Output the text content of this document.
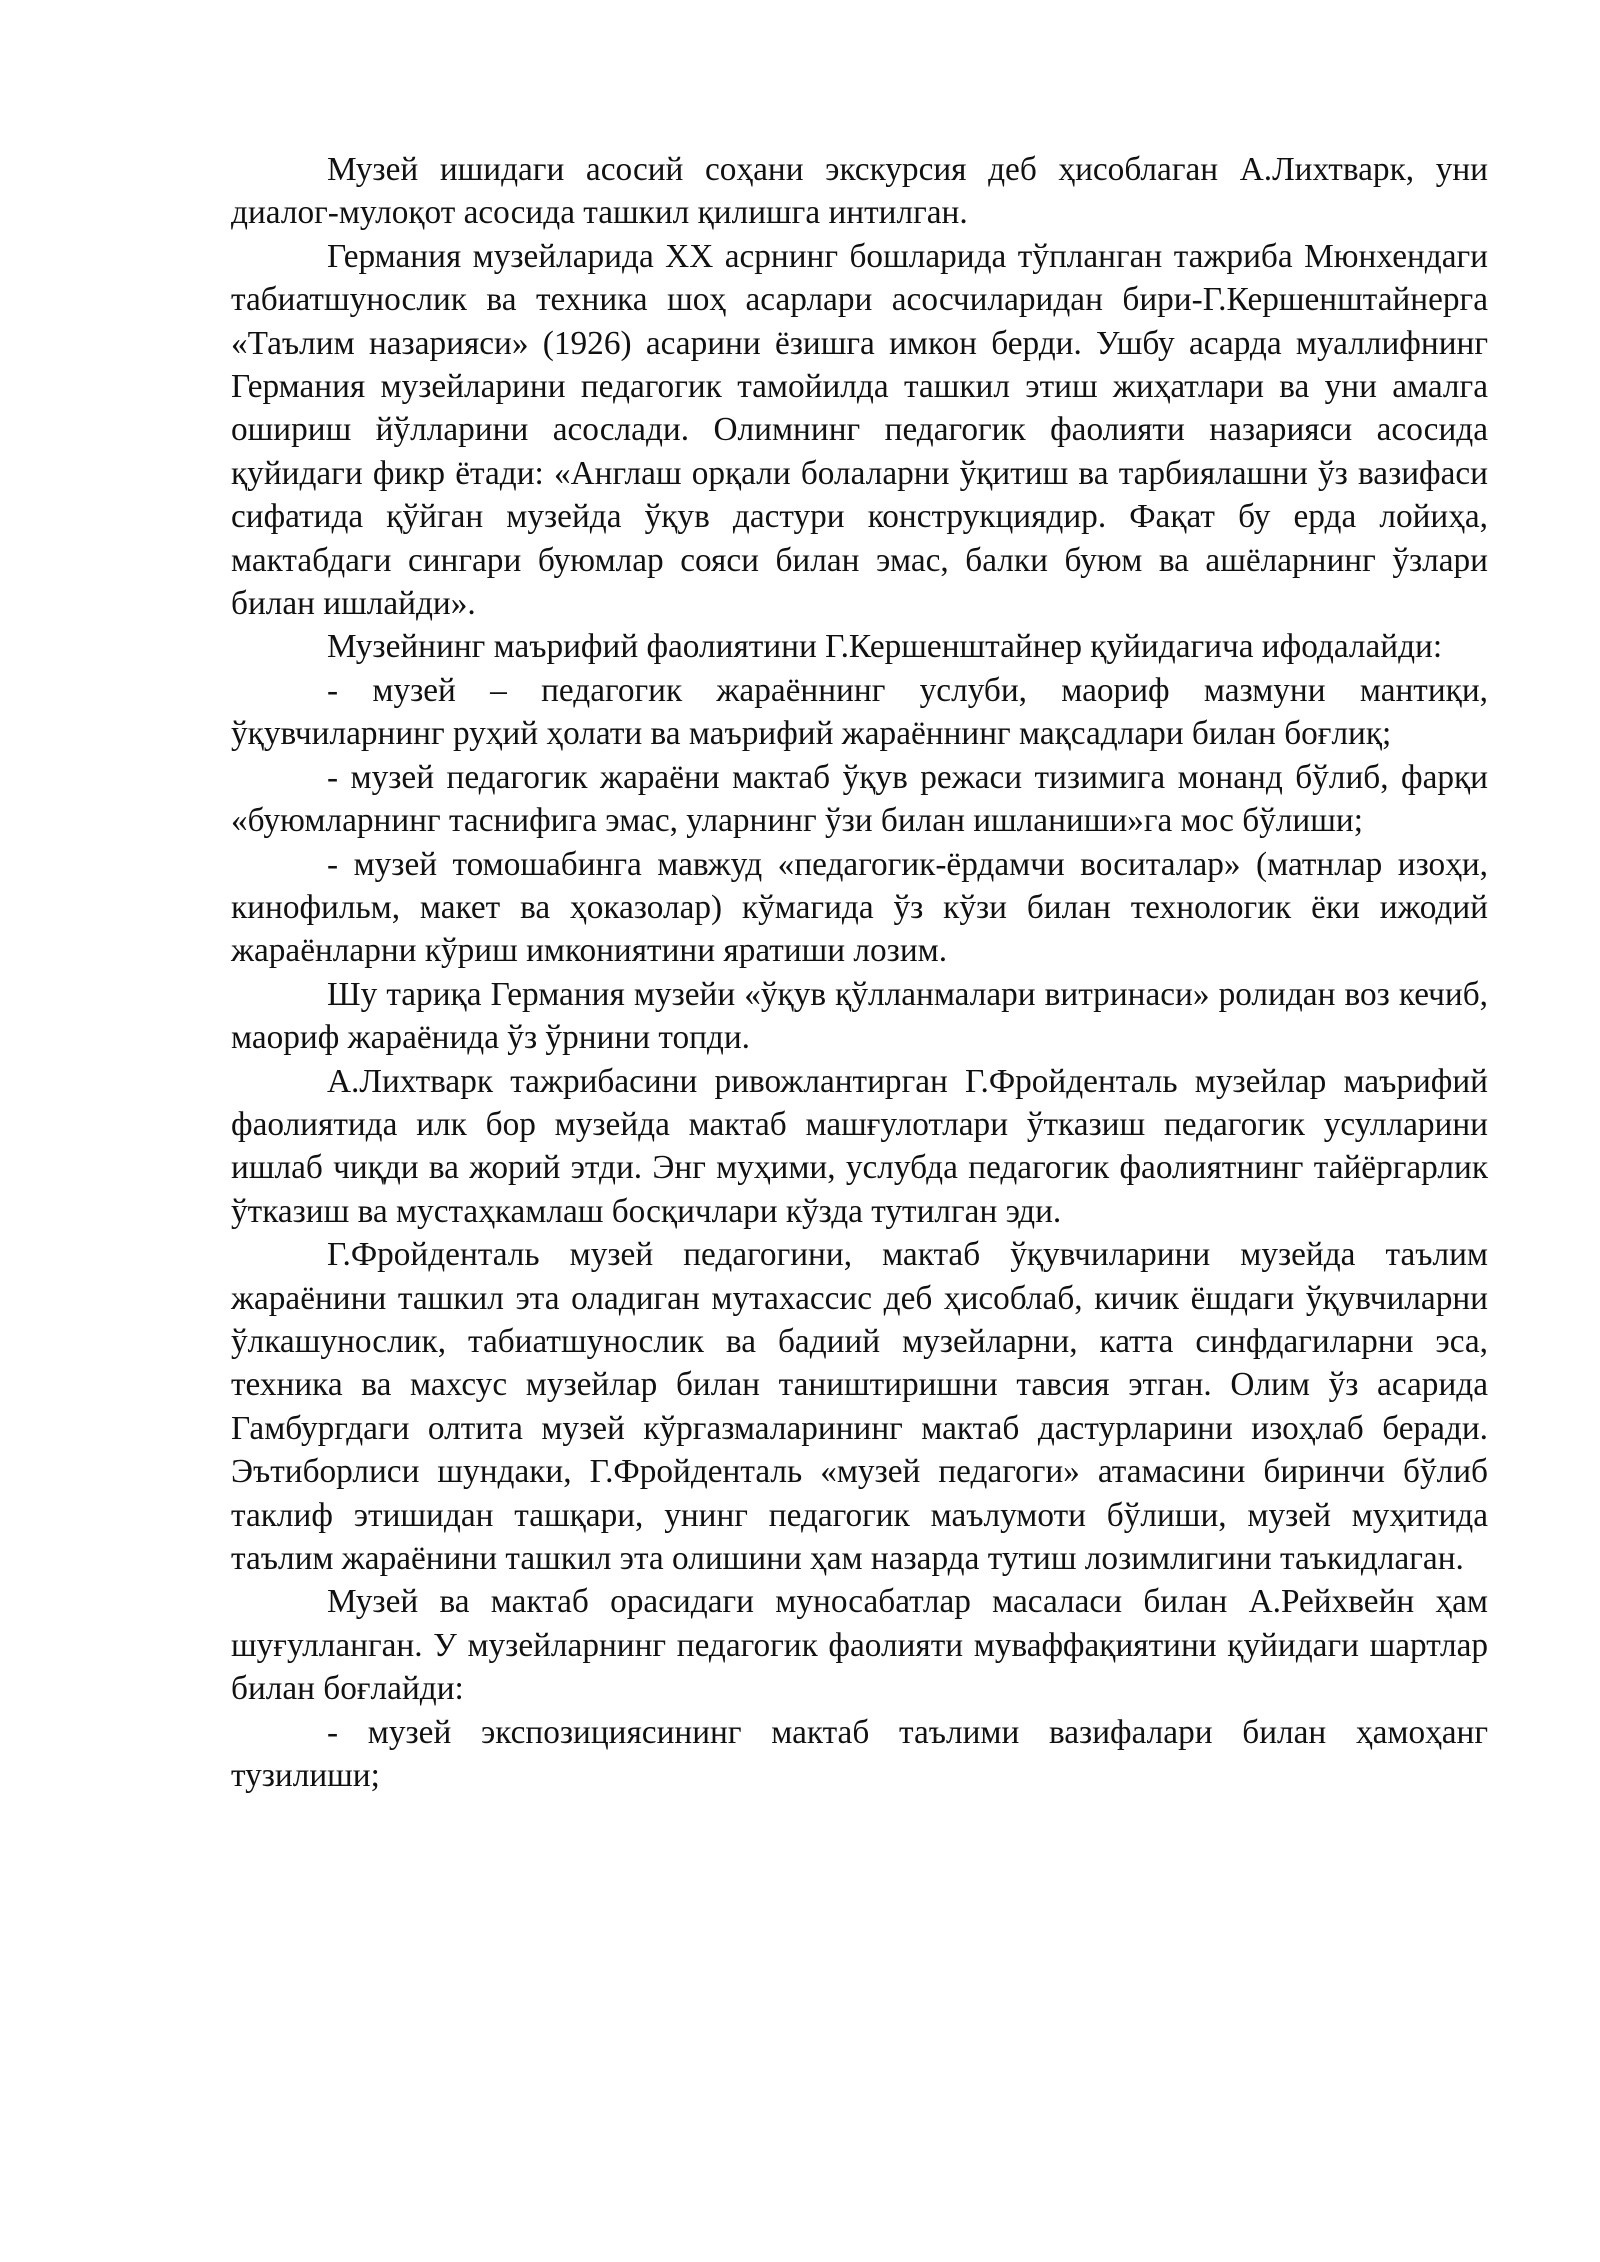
Музей ишидаги асосий соҳани экскурсия деб ҳисоблаган А.Лихтварк, уни диалог-мулоқот асосида ташкил қилишга интилган.

Германия музейларида XX асрнинг бошларида тўпланган тажриба Мюнхендаги табиатшунослик ва техника шоҳ асарлари асосчиларидан бири-Г.Кершенштайнерга «Таълим назарияси» (1926) асарини ёзишга имкон берди. Ушбу асарда муаллифнинг Германия музейларини педагогик тамойилда ташкил этиш жиҳатлари ва уни амалга ошириш йўлларини асослади. Олимнинг педагогик фаолияти назарияси асосида қуйидаги фикр ётади: «Англаш орқали болаларни ўқитиш ва тарбиялашни ўз вазифаси сифатида қўйган музейда ўқув дастури конструкциядир. Фақат бу ерда лойиҳа, мактабдаги сингари буюмлар сояси билан эмас, балки буюм ва ашёларнинг ўзлари билан ишлайди».

Музейнинг маърифий фаолиятини Г.Кершенштайнер қуйидагича ифодалайди:

- музей – педагогик жараённинг услуби, маориф мазмуни мантиқи, ўқувчиларнинг руҳий ҳолати ва маърифий жараённинг мақсадлари билан боғлиқ;

- музей педагогик жараёни мактаб ўқув режаси тизимига монанд бўлиб, фарқи «буюмларнинг таснифига эмас, уларнинг ўзи билан ишланиши»га мос бўлиши;

- музей томошабинга мавжуд «педагогик-ёрдамчи воситалар» (матнлар изоҳи, кинофильм, макет ва ҳоказолар) кўмагида ўз кўзи билан технологик ёки ижодий жараёнларни кўриш имкониятини яратиши лозим.

Шу тариқа Германия музейи «ўқув қўлланмалари витринаси» ролидан воз кечиб, маориф жараёнида ўз ўрнини топди.

А.Лихтварк тажрибасини ривожлантирган Г.Фройденталь музейлар маърифий фаолиятида илк бор музейда мактаб машғулотлари ўтказиш педагогик усулларини ишлаб чиқди ва жорий этди. Энг муҳими, услубда педагогик фаолиятнинг тайёргарлик ўтказиш ва мустаҳкамлаш босқичлари кўзда тутилган эди.

Г.Фройденталь музей педагогини, мактаб ўқувчиларини музейда таълим жараёнини ташкил эта оладиган мутахассис деб ҳисоблаб, кичик ёшдаги ўқувчиларни ўлкашунослик, табиатшунослик ва бадиий музейларни, катта синфдагиларни эса, техника ва махсус музейлар билан таништиришни тавсия этган. Олим ўз асарида Гамбургдаги олтита музей кўргазмаларининг мактаб дастурларини изоҳлаб беради. Эътиборлиси шундаки, Г.Фройденталь «музей педагоги» атамасини биринчи бўлиб таклиф этишидан ташқари, унинг педагогик маълумоти бўлиши, музей муҳитида таълим жараёнини ташкил эта олишини ҳам назарда тутиш лозимлигини таъкидлаган.

Музей ва мактаб орасидаги муносабатлар масаласи билан А.Рейхвейн ҳам шуғулланган. У музейларнинг педагогик фаолияти муваффақиятини қуйидаги шартлар билан боғлайди:

- музей экспозициясининг мактаб таълими вазифалари билан ҳамоҳанг тузилиши;
